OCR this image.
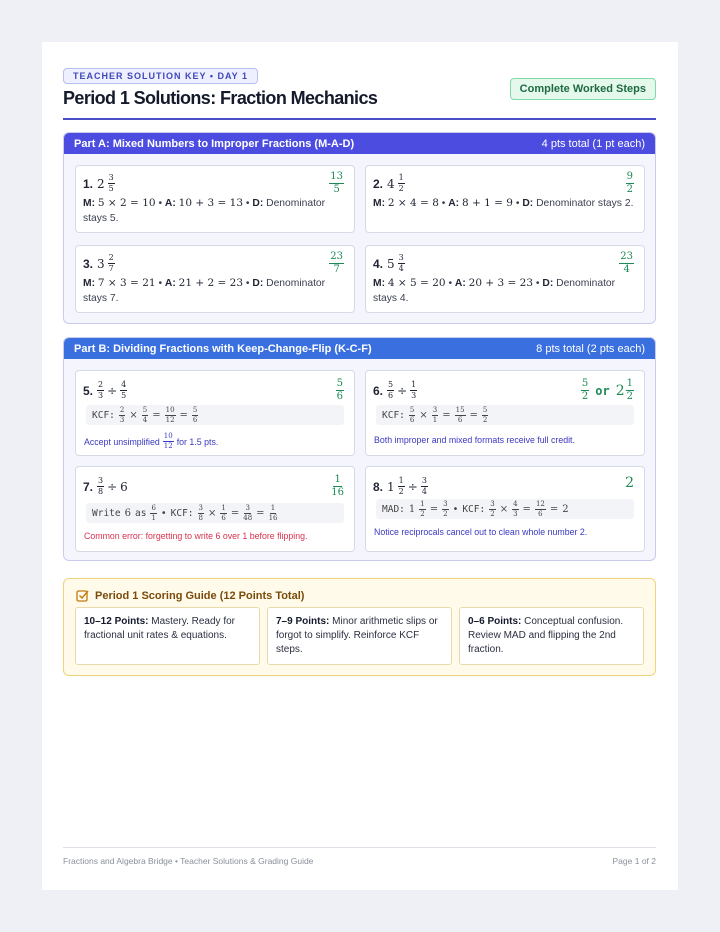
TEACHER SOLUTION KEY • DAY 1
Period 1 Solutions: Fraction Mechanics	Complete Worked Steps
Part A: Mixed Numbers to Improper Fractions (M-A-D)	4 pts total (1 pt each)
1. $2 \frac{3}{5}$	$\frac{13}{5}$
M: 5 × 2 = 10 • A: 10 + 3 = 13 • D: Denominator stays 5.
2. $4 \frac{1}{2}$	$\frac{9}{2}$
M: 2 × 4 = 8 • A: 8 + 1 = 9 • D: Denominator stays 2.
3. $3 \frac{2}{7}$	$\frac{23}{7}$
M: 7 × 3 = 21 • A: 21 + 2 = 23 • D: Denominator stays 7.
4. $5 \frac{3}{4}$	$\frac{23}{4}$
M: 4 × 5 = 20 • A: 20 + 3 = 23 • D: Denominator stays 4.
Part B: Dividing Fractions with Keep-Change-Flip (K-C-F)	8 pts total (2 pts each)
5. $\frac{2}{3} \div \frac{4}{5}$	$\frac{5}{6}$
KCF: $\frac{2}{3} \times \frac{5}{4} = \frac{10}{12} = \frac{5}{6}$
Accept unsimplified $\frac{10}{12}$ for 1.5 pts.
6. $\frac{5}{6} \div \frac{1}{3}$	$\frac{5}{2}$ or $2 \frac{1}{2}$
KCF: $\frac{5}{6} \times \frac{3}{1} = \frac{15}{6} = \frac{5}{2}$
Both improper and mixed formats receive full credit.
7. $\frac{3}{8} \div 6$	$\frac{1}{16}$
Write 6 as $\frac{6}{1}$ • KCF: $\frac{3}{8} \times \frac{1}{6} = \frac{3}{48} = \frac{1}{16}$
Common error: forgetting to write 6 over 1 before flipping.
8. $1 \frac{1}{2} \div \frac{3}{4}$	2
MAD: $1 \frac{1}{2} = \frac{3}{2}$ • KCF: $\frac{3}{2} \times \frac{4}{3} = \frac{12}{6} = 2$
Notice reciprocals cancel out to clean whole number 2.
Period 1 Scoring Guide (12 Points Total)
10–12 Points: Mastery. Ready for fractional unit rates & equations.
7–9 Points: Minor arithmetic slips or forgot to simplify. Reinforce KCF steps.
0–6 Points: Conceptual confusion. Review MAD and flipping the 2nd fraction.
Fractions and Algebra Bridge • Teacher Solutions & Grading Guide	Page 1 of 2
